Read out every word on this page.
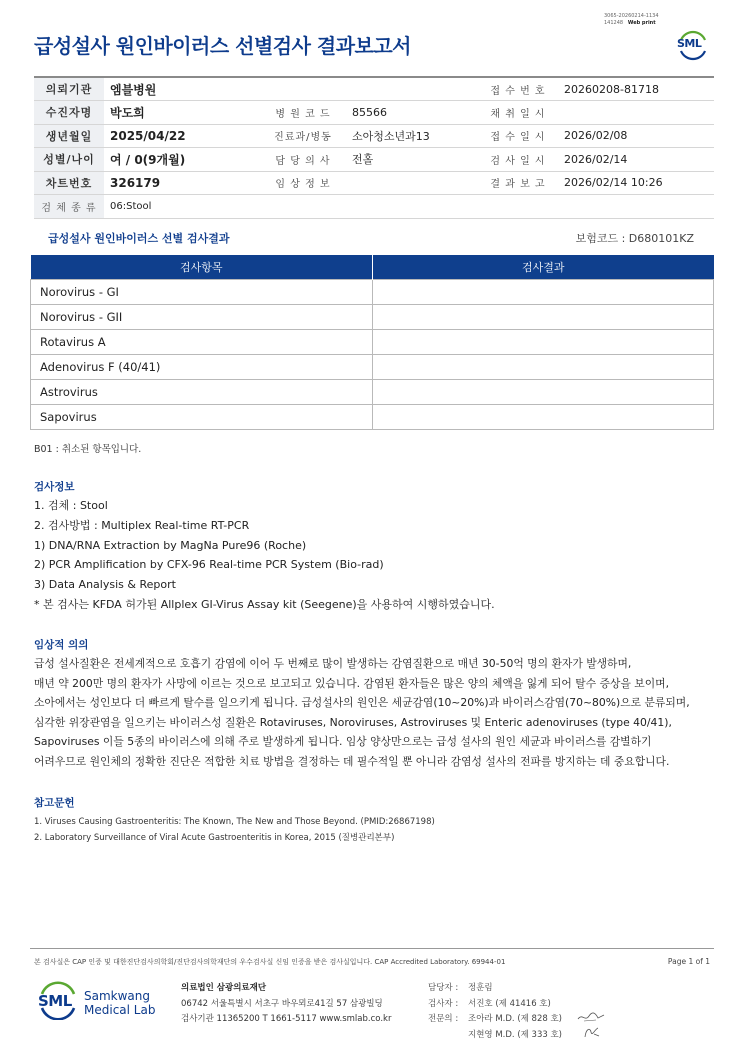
급성설사 원인바이러스 선별검사 결과보고서
3065-20260214-1134
141248 Web print
SML
의뢰기관	엠블병원			접 수 번 호	20260208-81718
수진자명	박도희	병 원 코 드	85566	채 취 일 시	
생년월일	2025/04/22	진료과/병동	소아청소년과13	접 수 일 시	2026/02/08
성별/나이	여 / 0(9개월)	담 당 의 사	전홀	검 사 일 시	2026/02/14
차트번호	326179	임 상 정 보		결 과 보 고	2026/02/14 10:26
검 체 종 류	06:Stool				
급성설사 원인바이러스 선별 검사결과	보험코드 : D680101KZ
검사항목	검사결과
Norovirus - GI	
Norovirus - GII	
Rotavirus A	
Adenovirus F (40/41)	
Astrovirus	
Sapovirus	
B01 : 취소된 항목입니다.
검사정보
1. 검체 : Stool
2. 검사방법 : Multiplex Real-time RT-PCR
1) DNA/RNA Extraction by MagNa Pure96 (Roche)
2) PCR Amplification by CFX-96 Real-time PCR System (Bio-rad)
3) Data Analysis & Report
* 본 검사는 KFDA 허가된 Allplex GI-Virus Assay kit (Seegene)을 사용하여 시행하였습니다.
임상적 의의
급성 설사질환은 전세계적으로 호흡기 감염에 이어 두 번째로 많이 발생하는 감염질환으로 매년 30-50억 명의 환자가 발생하며,
매년 약 200만 명의 환자가 사망에 이르는 것으로 보고되고 있습니다. 감염된 환자들은 많은 양의 체액을 잃게 되어 탈수 증상을 보이며,
소아에서는 성인보다 더 빠르게 탈수를 일으키게 됩니다. 급성설사의 원인은 세균감염(10~20%)과 바이러스감염(70~80%)으로 분류되며,
심각한 위장관염을 일으키는 바이러스성 질환은 Rotaviruses, Noroviruses, Astroviruses 및 Enteric adenoviruses (type 40/41),
Sapoviruses 이들 5종의 바이러스에 의해 주로 발생하게 됩니다. 임상 양상만으로는 급성 설사의 원인 세균과 바이러스를 감별하기
어려우므로 원인체의 정확한 진단은 적합한 치료 방법을 결정하는 데 필수적일 뿐 아니라 감염성 설사의 전파를 방지하는 데 중요합니다.
참고문헌
1. Viruses Causing Gastroenteritis: The Known, The New and Those Beyond. (PMID:26867198)
2. Laboratory Surveillance of Viral Acute Gastroenteritis in Korea, 2015 (질병관리본부)
본 검사실은 CAP 인증 및 대한진단검사의학회/진단검사의학재단의 우수검사실 신임 인증을 받은 검사실입니다. CAP Accredited Laboratory. 69944-01	Page 1 of 1
SML Samkwang
Medical Lab
의료법인 삼광의료재단
06742 서울특별시 서초구 바우뫼로41길 57 삼광빌딩
검사기관 11365200 T 1661-5117 www.smlab.co.kr
담당자 : 정훈림
검사자 : 서진호 (제 41416 호)
전문의 : 조아라 M.D. (제 828 호)
지현영 M.D. (제 333 호)
